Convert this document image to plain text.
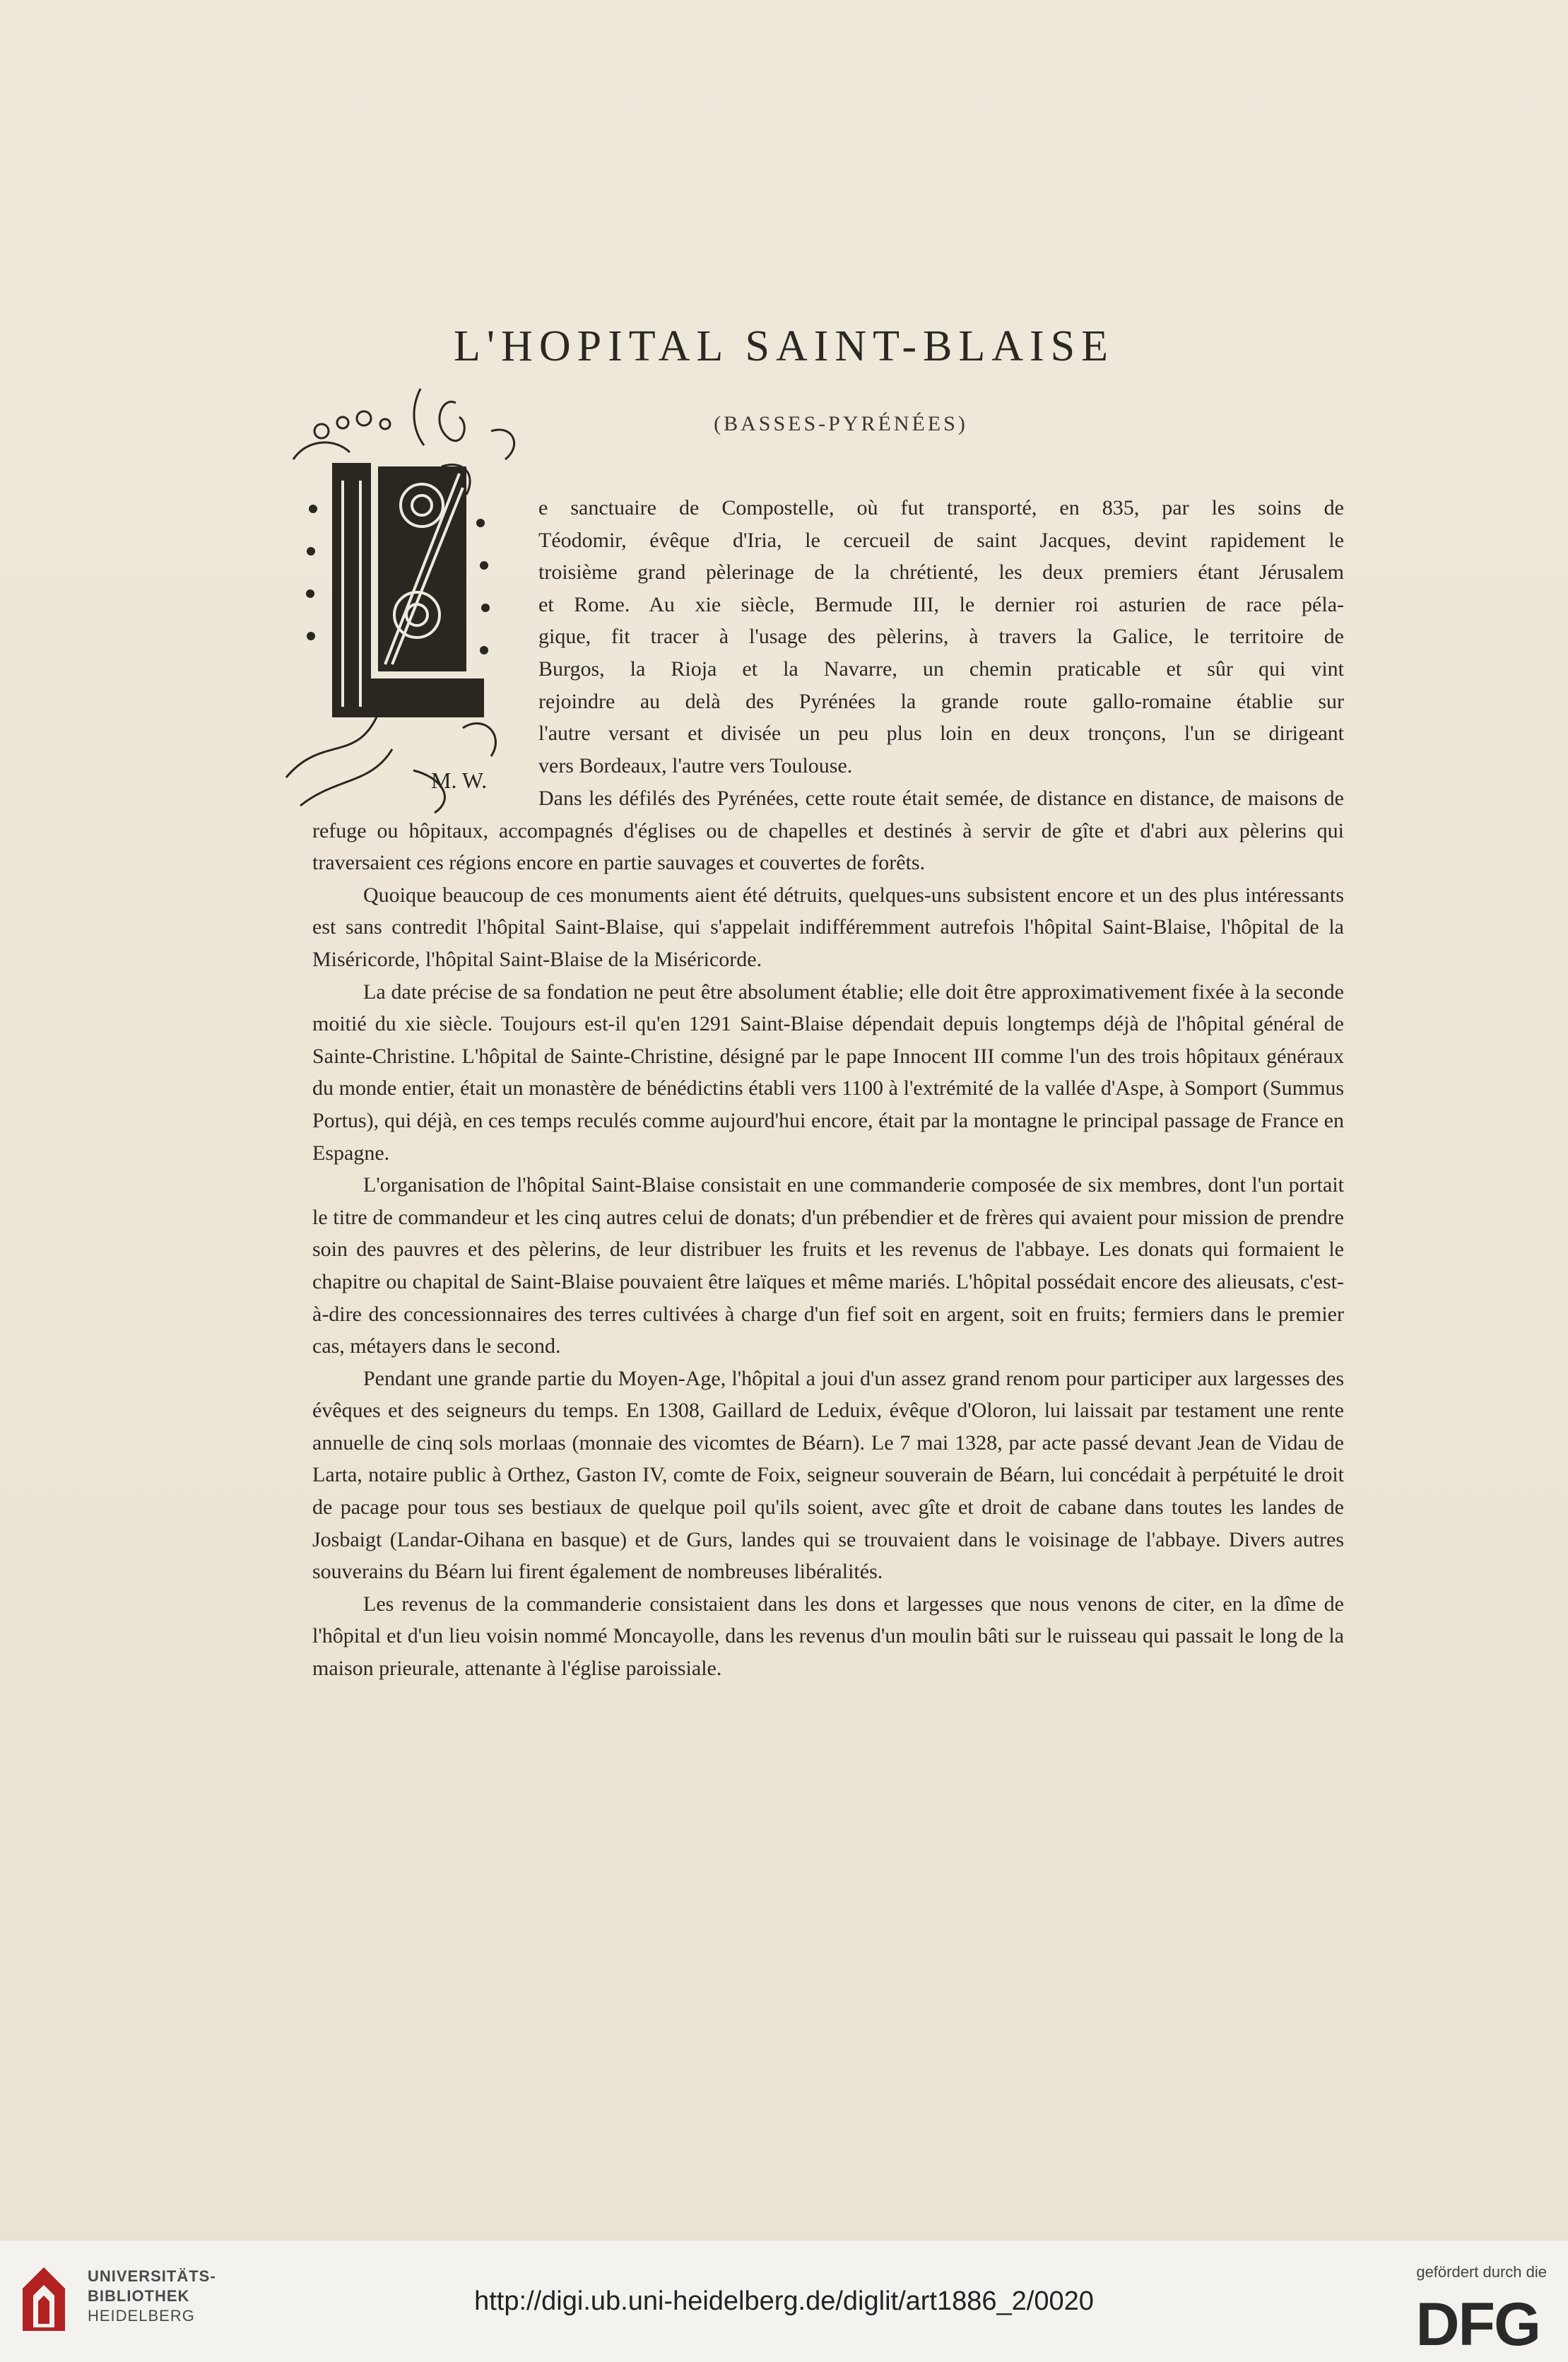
L'HOPITAL SAINT-BLAISE
(BASSES-PYRÉNÉES)
M. W.

e sanctuaire de Compostelle, où fut transporté, en 835, par les soins de

Téodomir, évêque d'Iria, le cercueil de saint Jacques, devint rapidement le

troisième grand pèlerinage de la chrétienté, les deux premiers étant Jérusalem

et Rome. Au xie siècle, Bermude III, le dernier roi asturien de race péla-

gique, fit tracer à l'usage des pèlerins, à travers la Galice, le territoire de

Burgos, la Rioja et la Navarre, un chemin praticable et sûr qui vint

rejoindre au delà des Pyrénées la grande route gallo-romaine établie sur

l'autre versant et divisée un peu plus loin en deux tronçons, l'un se dirigeant

vers Bordeaux, l'autre vers Toulouse.

Dans les défilés des Pyrénées, cette route était semée, de distance en distance, de maisons de refuge ou hôpitaux, accompagnés d'églises ou de chapelles et destinés à servir de gîte et d'abri aux pèlerins qui traversaient ces régions encore en partie sauvages et couvertes de forêts.

Quoique beaucoup de ces monuments aient été détruits, quelques-uns subsistent encore et un des plus intéressants est sans contredit l'hôpital Saint-Blaise, qui s'appelait indifféremment autrefois l'hôpital Saint-Blaise, l'hôpital de la Miséricorde, l'hôpital Saint-Blaise de la Miséricorde.

La date précise de sa fondation ne peut être absolument établie; elle doit être approximativement fixée à la seconde moitié du xie siècle. Toujours est-il qu'en 1291 Saint-Blaise dépendait depuis longtemps déjà de l'hôpital général de Sainte-Christine. L'hôpital de Sainte-Christine, désigné par le pape Innocent III comme l'un des trois hôpitaux généraux du monde entier, était un monastère de bénédictins établi vers 1100 à l'extrémité de la vallée d'Aspe, à Somport (Summus Portus), qui déjà, en ces temps reculés comme aujourd'hui encore, était par la montagne le principal passage de France en Espagne.

L'organisation de l'hôpital Saint-Blaise consistait en une commanderie composée de six membres, dont l'un portait le titre de commandeur et les cinq autres celui de donats; d'un prébendier et de frères qui avaient pour mission de prendre soin des pauvres et des pèlerins, de leur distribuer les fruits et les revenus de l'abbaye. Les donats qui formaient le chapitre ou chapital de Saint-Blaise pouvaient être laïques et même mariés. L'hôpital possédait encore des alieusats, c'est-à-dire des concessionnaires des terres cultivées à charge d'un fief soit en argent, soit en fruits; fermiers dans le premier cas, métayers dans le second.

Pendant une grande partie du Moyen-Age, l'hôpital a joui d'un assez grand renom pour participer aux largesses des évêques et des seigneurs du temps. En 1308, Gaillard de Leduix, évêque d'Oloron, lui laissait par testament une rente annuelle de cinq sols morlaas (monnaie des vicomtes de Béarn). Le 7 mai 1328, par acte passé devant Jean de Vidau de Larta, notaire public à Orthez, Gaston IV, comte de Foix, seigneur souverain de Béarn, lui concédait à perpétuité le droit de pacage pour tous ses bestiaux de quelque poil qu'ils soient, avec gîte et droit de cabane dans toutes les landes de Josbaigt (Landar-Oihana en basque) et de Gurs, landes qui se trouvaient dans le voisinage de l'abbaye. Divers autres souverains du Béarn lui firent également de nombreuses libéralités.

Les revenus de la commanderie consistaient dans les dons et largesses que nous venons de citer, en la dîme de l'hôpital et d'un lieu voisin nommé Moncayolle, dans les revenus d'un moulin bâti sur le ruisseau qui passait le long de la maison prieurale, attenante à l'église paroissiale.

UNIVERSITÄTS-
BIBLIOTHEK
HEIDELBERG	http://digi.ub.uni-heidelberg.de/diglit/art1886_2/0020
gefördert durch die
DFG
